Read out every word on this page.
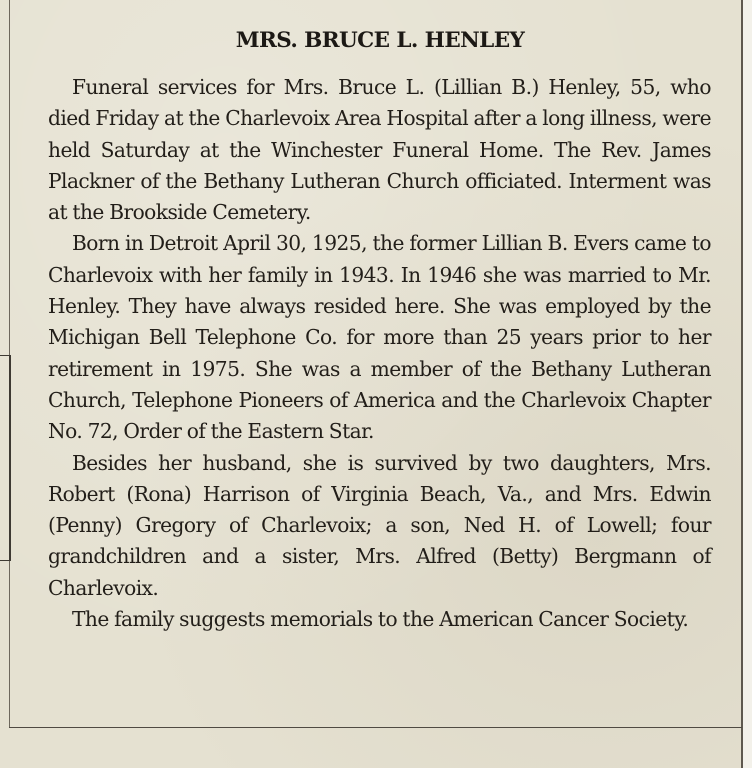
MRS. BRUCE L. HENLEY

Funeral services for Mrs. Bruce L. (Lillian B.) Henley, 55, who died Friday at the Charlevoix Area Hospital after a long illness, were held Saturday at the Winchester Funeral Home. The Rev. James Plackner of the Bethany Lutheran Church officiated. Interment was at the Brookside Cemetery.

Born in Detroit April 30, 1925, the former Lillian B. Evers came to Charlevoix with her family in 1943. In 1946 she was married to Mr. Henley. They have always resided here. She was employed by the Michigan Bell Telephone Co. for more than 25 years prior to her retirement in 1975. She was a member of the Bethany Lutheran Church, Telephone Pioneers of America and the Charlevoix Chapter No. 72, Order of the Eastern Star.

Besides her husband, she is survived by two daughters, Mrs. Robert (Rona) Harrison of Virginia Beach, Va., and Mrs. Edwin (Penny) Gregory of Charlevoix; a son, Ned H. of Lowell; four grandchildren and a sister, Mrs. Alfred (Betty) Bergmann of Charlevoix.

The family suggests memorials to the American Cancer Society.
